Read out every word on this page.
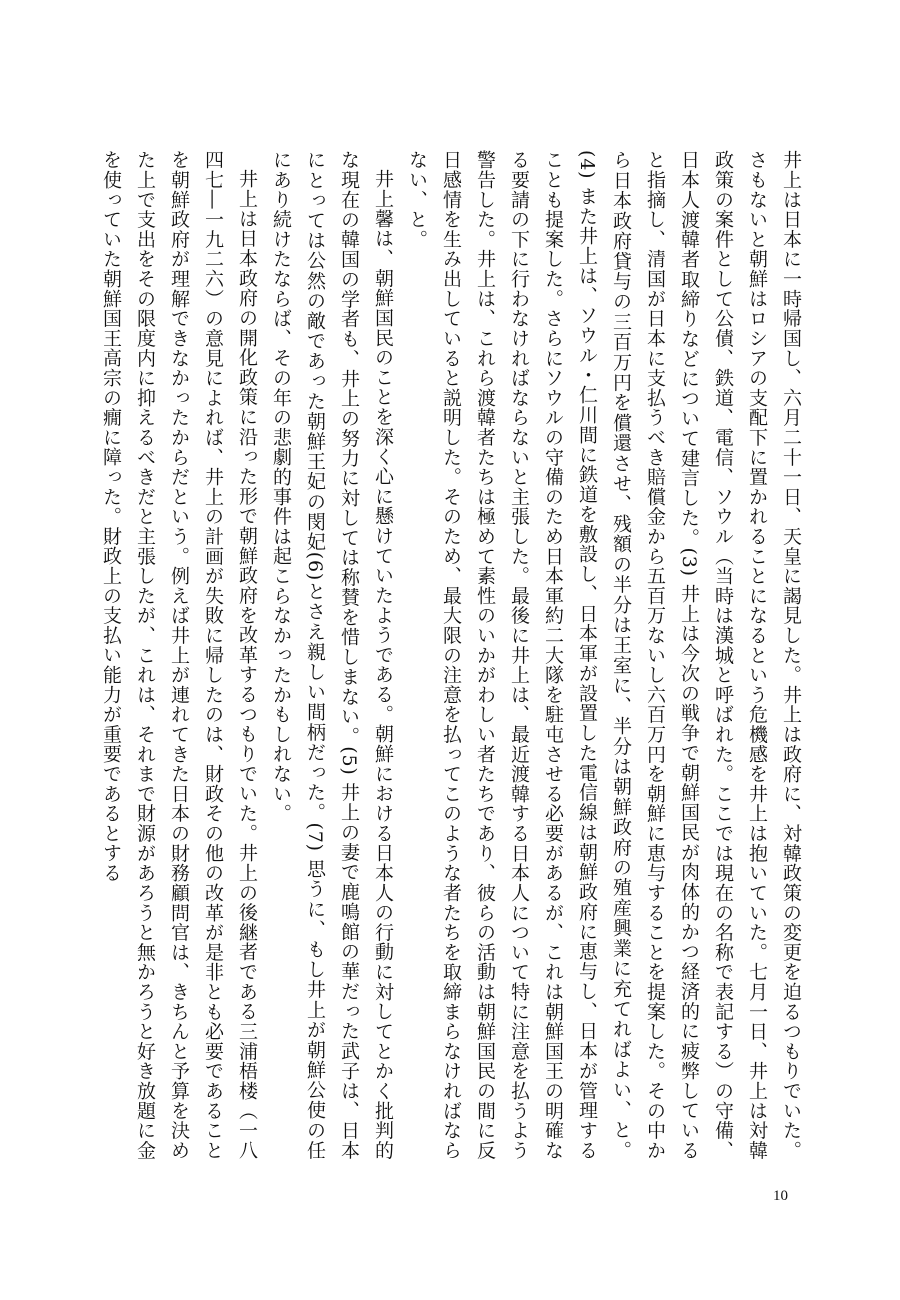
井上は日本に一時帰国し、六月二十一日、天皇に謁見した。井上は政府に、対韓政策の変更を迫るつもりでいた。さもないと朝鮮はロシアの支配下に置かれることになるという危機感を井上は抱いていた。七月一日、井上は対韓政策の案件として公債、鉄道、電信、ソウル（当時は漢城と呼ばれた。ここでは現在の名称で表記する）の守備、日本人渡韓者取締りなどについて建言した。(3) 井上は今次の戦争で朝鮮国民が肉体的かつ経済的に疲弊していると指摘し、清国が日本に支払うべき賠償金から五百万ないし六百万円を朝鮮に恵与することを提案した。その中から日本政府貸与の三百万円を償還させ、残額の半分は王室に、半分は朝鮮政府の殖産興業に充てればよい、と。(4) また井上は、ソウル・仁川間に鉄道を敷設し、日本軍が設置した電信線は朝鮮政府に恵与し、日本が管理することも提案した。さらにソウルの守備のため日本軍約二大隊を駐屯させる必要があるが、これは朝鮮国王の明確なる要請の下に行わなければならないと主張した。最後に井上は、最近渡韓する日本人について特に注意を払うよう警告した。井上は、これら渡韓者たちは極めて素性のいかがわしい者たちであり、彼らの活動は朝鮮国民の間に反日感情を生み出していると説明した。そのため、最大限の注意を払ってこのような者たちを取締まらなければならない、と。

井上馨は、朝鮮国民のことを深く心に懸けていたようである。朝鮮における日本人の行動に対してとかく批判的な現在の韓国の学者も、井上の努力に対しては称賛を惜しまない。(5) 井上の妻で鹿鳴館の華だった武子は、日本にとっては公然の敵であった朝鮮王妃の閔妃(6)とさえ親しい間柄だった。(7) 思うに、もし井上が朝鮮公使の任にあり続けたならば、その年の悲劇的事件は起こらなかったかもしれない。

井上は日本政府の開化政策に沿った形で朝鮮政府を改革するつもりでいた。井上の後継者である三浦梧楼（一八四七―一九二六）の意見によれば、井上の計画が失敗に帰したのは、財政その他の改革が是非とも必要であることを朝鮮政府が理解できなかったからだという。例えば井上が連れてきた日本の財務顧問官は、きちんと予算を決めた上で支出をその限度内に抑えるべきだと主張したが、これは、それまで財源があろうと無かろうと好き放題に金を使っていた朝鮮国王高宗の癇に障った。財政上の支払い能力が重要であるとする

10
